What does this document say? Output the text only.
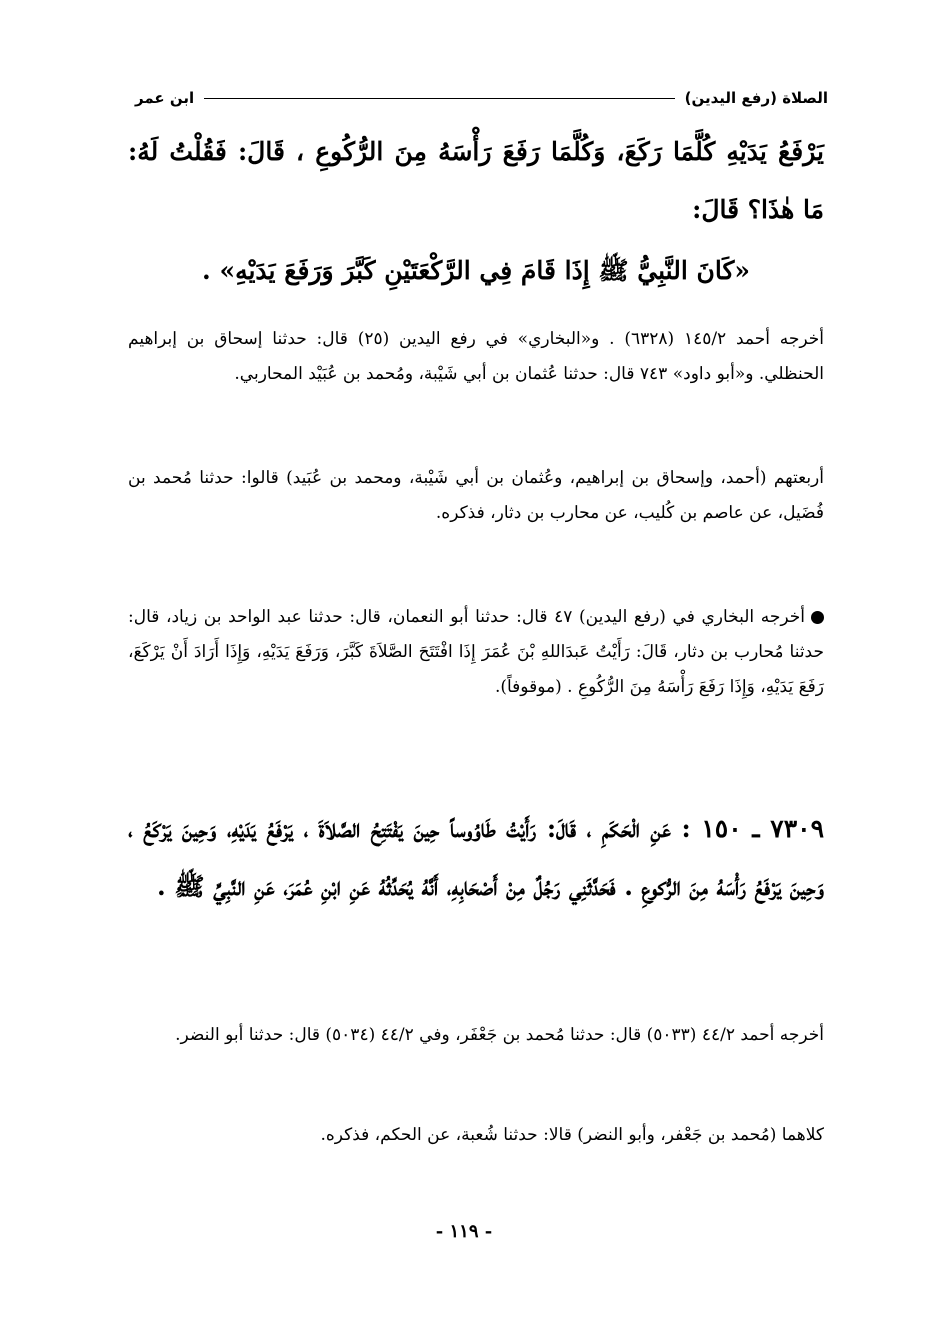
الصلاة (رفع اليدين)
ابن عمر
يَرْفَعُ يَدَيْهِ كُلَّمَا رَكَعَ، وَكُلَّمَا رَفَعَ رَأْسَهُ مِنَ الرُّكُوعِ ، قَالَ: فَقُلْتُ لَهُ: مَا هٰذَا؟ قَالَ:
«كَانَ النَّبِيُّ ﷺ إِذَا قَامَ فِي الرَّكْعَتَيْنِ كَبَّرَ وَرَفَعَ يَدَيْهِ» .
أخرجه أحمد ١٤٥/٢ (٦٣٢٨) . و«البخاري» في رفع اليدين (٢٥) قال: حدثنا إسحاق بن إبراهيم الحنظلي. و«أبو داود» ٧٤٣ قال: حدثنا عُثمان بن أبي شَيْبة، ومُحمد بن عُبَيْد المحاربي.
أربعتهم (أحمد، وإسحاق بن إبراهيم، وعُثمان بن أبي شَيْبة، ومحمد بن عُبَيد) قالوا: حدثنا مُحمد بن فُضَيل، عن عاصم بن كُليب، عن محارب بن دثار، فذكره.
أخرجه البخاري في (رفع اليدين) ٤٧ قال: حدثنا أبو النعمان، قال: حدثنا عبد الواحد بن زياد، قال: حدثنا مُحارب بن دثار، قَالَ: رَأَيْتُ عَبدَاللهِ بْنَ عُمَرَ إِذَا افْتَتَحَ الصَّلاَةَ كَبَّرَ، وَرَفَعَ يَدَيْهِ، وَإِذَا أَرَادَ أَنْ يَرْكَعَ، رَفَعَ يَدَيْهِ، وَإِذَا رَفَعَ رَأْسَهُ مِنَ الرُّكُوعِ . (موقوفاً).
٧٣٠٩ ـ ١٥٠ : عَنِ الْحَكَمِ ، قَالَ: رَأَيْتُ طَاوُوساً حِينَ يَفْتَتِحُ الصَّلاَةَ ، يَرْفَعُ يَدَيْهِ، وَحِينَ يَرْكَعُ ، وَحِينَ يَرْفَعُ رَأْسَهُ مِنَ الرُّكوعِ . فَحَدَّثَنِي رَجُلٌ مِنْ أَصْحَابِهِ، أَنَّهُ يُحَدِّثُهُ عَنِ ابْنِ عُمَرَ، عَنِ النَّبِيِّ ﷺ .
أخرجه أحمد ٤٤/٢ (٥٠٣٣) قال: حدثنا مُحمد بن جَعْفَر، وفي ٤٤/٢ (٥٠٣٤) قال: حدثنا أبو النضر.
كلاهما (مُحمد بن جَعْفر، وأبو النضر) قالا: حدثنا شُعبة، عن الحكم، فذكره.
- ١١٩ -
